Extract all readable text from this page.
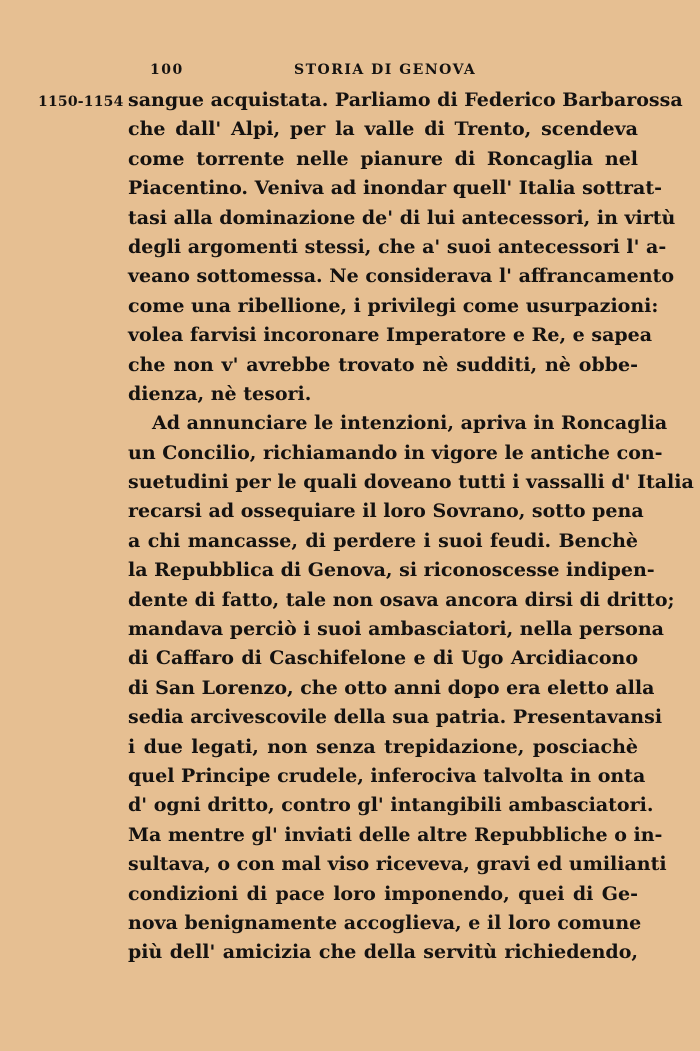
100	STORIA DI GENOVA
1150-1154 sangue acquistata. Parliamo di Federico Barbarossa
che dall' Alpi, per la valle di Trento, scendeva
come torrente nelle pianure di Roncaglia nel
Piacentino. Veniva ad inondar quell' Italia sottrat-
tasi alla dominazione de' di lui antecessori, in virtù
degli argomenti stessi, che a' suoi antecessori l' a-
veano sottomessa. Ne considerava l' affrancamento
come una ribellione, i privilegi come usurpazioni:
volea farvisi incoronare Imperatore e Re, e sapea
che non v' avrebbe trovato nè sudditi, nè obbe-
dienza, nè tesori.
Ad annunciare le intenzioni, apriva in Roncaglia
un Concilio, richiamando in vigore le antiche con-
suetudini per le quali doveano tutti i vassalli d' Italia
recarsi ad ossequiare il loro Sovrano, sotto pena
a chi mancasse, di perdere i suoi feudi. Benchè
la Repubblica di Genova, si riconoscesse indipen-
dente di fatto, tale non osava ancora dirsi di dritto;
mandava perciò i suoi ambasciatori, nella persona
di Caffaro di Caschifelone e di Ugo Arcidiacono
di San Lorenzo, che otto anni dopo era eletto alla
sedia arcivescovile della sua patria. Presentavansi
i due legati, non senza trepidazione, posciachè
quel Principe crudele, inferociva talvolta in onta
d' ogni dritto, contro gl' intangibili ambasciatori.
Ma mentre gl' inviati delle altre Repubbliche o in-
sultava, o con mal viso riceveva, gravi ed umilianti
condizioni di pace loro imponendo, quei di Ge-
nova benignamente accoglieva, e il loro comune
più dell' amicizia che della servitù richiedendo,
